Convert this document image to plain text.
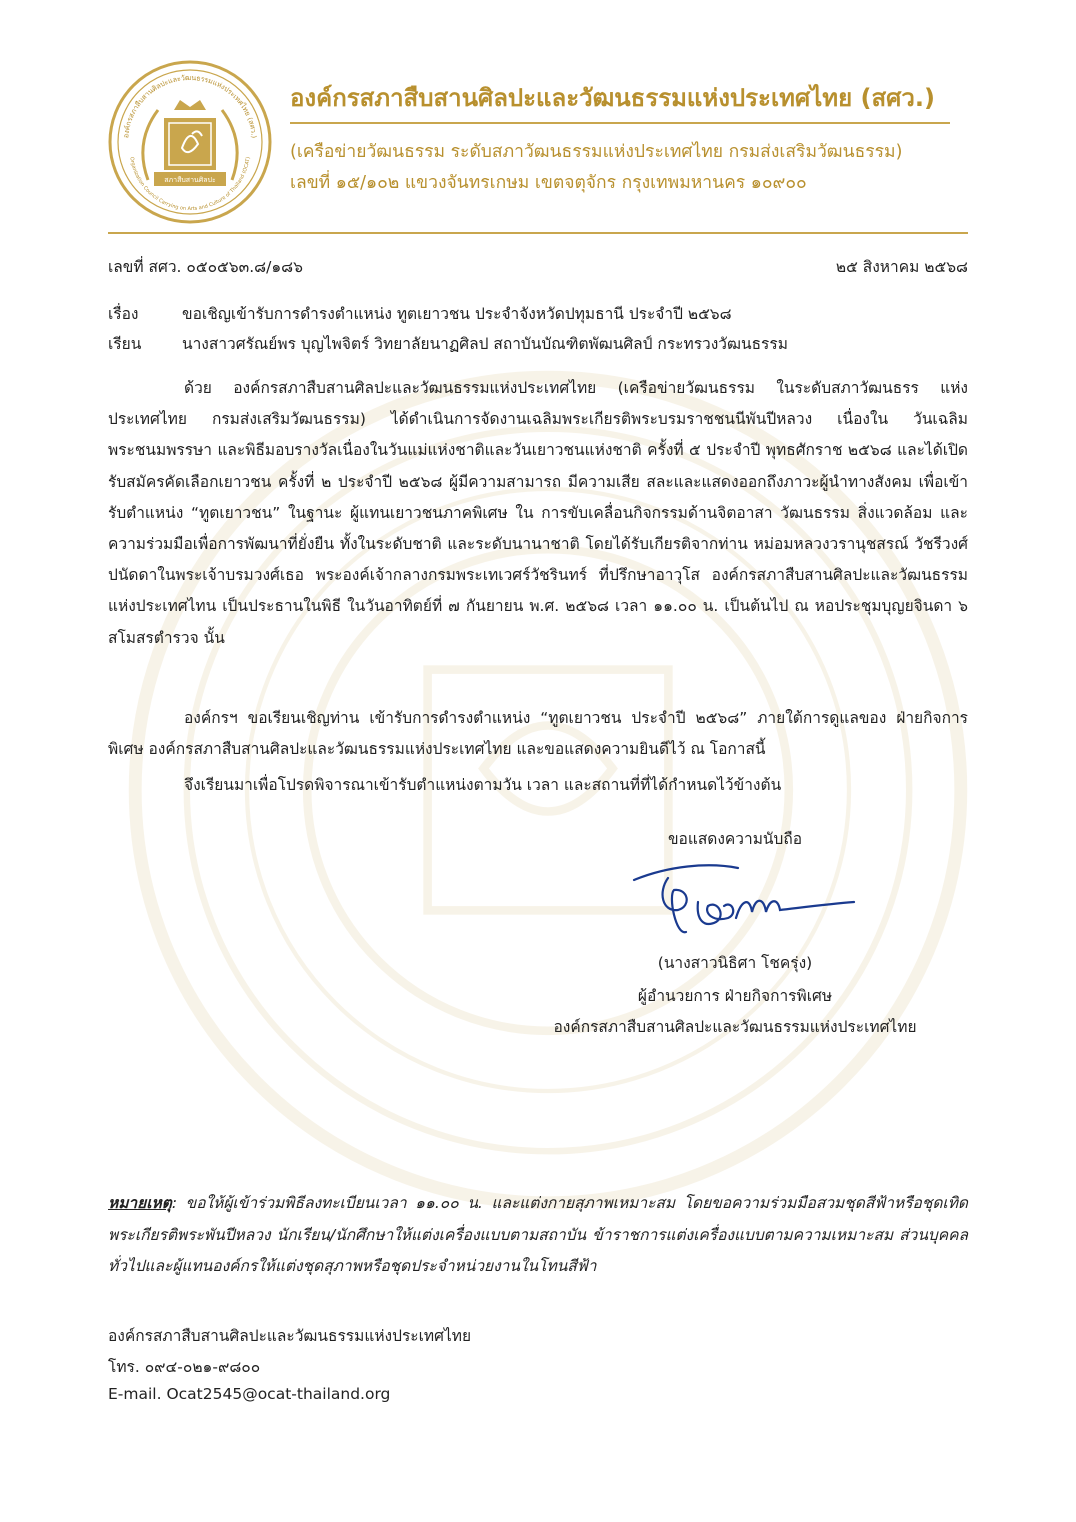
องค์กรสภาสืบสานศิลปะและวัฒนธรรมแห่งประเทศไทย (สศว.)
Organization Council Carrying on Arts and Culture of Thailand (OCAT)
สภาสืบสานศิลปะ
องค์กรสภาสืบสานศิลปะและวัฒนธรรมแห่งประเทศไทย (สศว.)
(เครือข่ายวัฒนธรรม ระดับสภาวัฒนธรรมแห่งประเทศไทย กรมส่งเสริมวัฒนธรรม)
เลขที่ ๑๕/๑๐๒ แขวงจันทรเกษม เขตจตุจักร กรุงเทพมหานคร ๑๐๙๐๐
เลขที่ สศว. ๐๕๐๕๖๓.๘/๑๘๖	๒๕ สิงหาคม ๒๕๖๘
เรื่อง	ขอเชิญเข้ารับการดำรงตำแหน่ง ทูตเยาวชน ประจำจังหวัดปทุมธานี ประจำปี ๒๕๖๘
เรียน	นางสาวศรัณย์พร บุญไพจิตร์ วิทยาลัยนาฏศิลป สถาบันบัณฑิตพัฒนศิลป์ กระทรวงวัฒนธรรม
ด้วย องค์กรสภาสืบสานศิลปะและวัฒนธรรมแห่งประเทศไทย (เครือข่ายวัฒนธรรม ในระดับสภาวัฒนธรร แห่งประเทศไทย กรมส่งเสริมวัฒนธรรม) ได้ดำเนินการจัดงานเฉลิมพระเกียรติพระบรมราชชนนีพันปีหลวง เนื่องใน วันเฉลิมพระชนมพรรษา และพิธีมอบรางวัลเนื่องในวันแม่แห่งชาติและวันเยาวชนแห่งชาติ ครั้งที่ ๕ ประจำปี พุทธศักราช ๒๕๖๘ และได้เปิดรับสมัครคัดเลือกเยาวชน ครั้งที่ ๒ ประจำปี ๒๕๖๘ ผู้มีความสามารถ มีความเสีย สละและแสดงออกถึงภาวะผู้นำทางสังคม เพื่อเข้ารับตำแหน่ง “ทูตเยาวชน” ในฐานะ ผู้แทนเยาวชนภาคพิเศษ ใน การขับเคลื่อนกิจกรรมด้านจิตอาสา วัฒนธรรม สิ่งแวดล้อม และความร่วมมือเพื่อการพัฒนาที่ยั่งยืน ทั้งในระดับชาติ และระดับนานาชาติ โดยได้รับเกียรติจากท่าน หม่อมหลวงวรานุชสรณ์ วัชรีวงศ์ ปนัดดาในพระเจ้าบรมวงศ์เธอ พระองค์เจ้ากลางกรมพระเทเวศร์วัชรินทร์ ที่ปรึกษาอาวุโส องค์กรสภาสืบสานศิลปะและวัฒนธรรมแห่งประเทศไทน เป็นประธานในพิธี ในวันอาทิตย์ที่ ๗ กันยายน พ.ศ. ๒๕๖๘ เวลา ๑๑.๐๐ น. เป็นต้นไป ณ หอประชุมบุญยจินดา ๖ สโมสรตำรวจ นั้น
องค์กรฯ ขอเรียนเชิญท่าน เข้ารับการดำรงตำแหน่ง “ทูตเยาวชน ประจำปี ๒๕๖๘” ภายใต้การดูแลของ ฝ่ายกิจการพิเศษ องค์กรสภาสืบสานศิลปะและวัฒนธรรมแห่งประเทศไทย และขอแสดงความยินดีไว้ ณ โอกาสนี้
จึงเรียนมาเพื่อโปรดพิจารณาเข้ารับตำแหน่งตามวัน เวลา และสถานที่ที่ได้กำหนดไว้ข้างต้น
ขอแสดงความนับถือ
(นางสาวนิธิศา โชครุ่ง)
ผู้อำนวยการ ฝ่ายกิจการพิเศษ
องค์กรสภาสืบสานศิลปะและวัฒนธรรมแห่งประเทศไทย
หมายเหตุ: ขอให้ผู้เข้าร่วมพิธีลงทะเบียนเวลา ๑๑.๐๐ น. และแต่งกายสุภาพเหมาะสม โดยขอความร่วมมือสวมชุดสีฟ้าหรือชุดเทิดพระเกียรติพระพันปีหลวง นักเรียน/นักศึกษาให้แต่งเครื่องแบบตามสถาบัน ข้าราชการแต่งเครื่องแบบตามความเหมาะสม ส่วนบุคคลทั่วไปและผู้แทนองค์กรให้แต่งชุดสุภาพหรือชุดประจำหน่วยงานในโทนสีฟ้า
องค์กรสภาสืบสานศิลปะและวัฒนธรรมแห่งประเทศไทย
โทร. ๐๙๔-๐๒๑-๙๘๐๐
E-mail. Ocat2545@ocat-thailand.org
